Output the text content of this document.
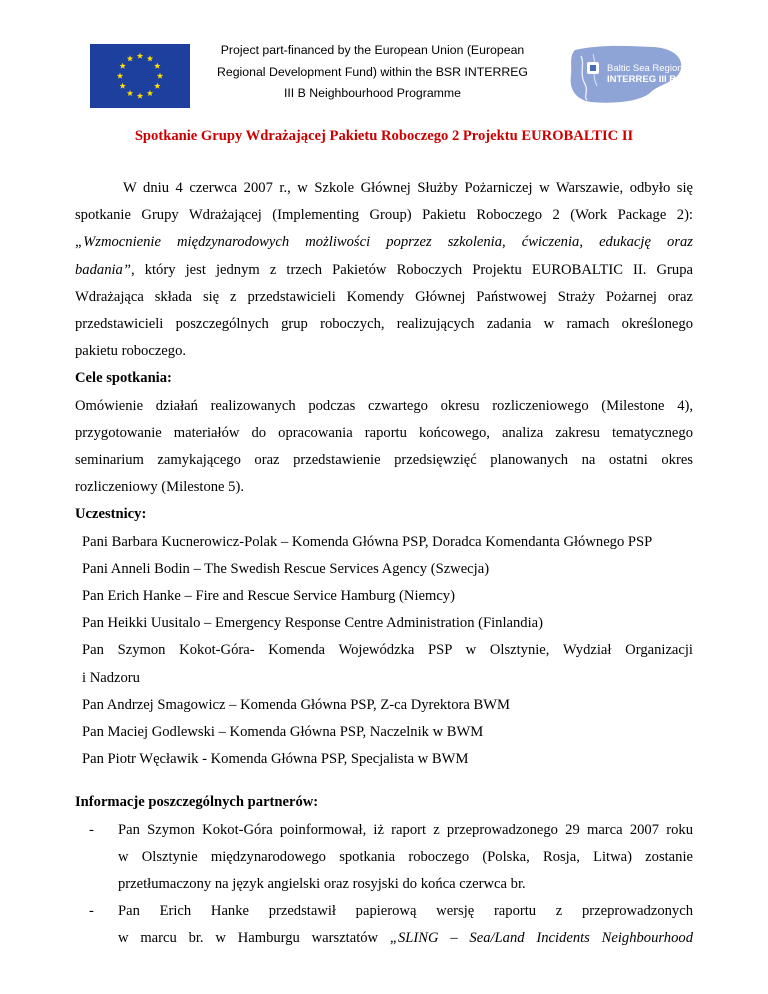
Project part-financed by the European Union (European
Regional Development Fund) within the BSR INTERREG
III B Neighbourhood Programme
Baltic Sea Region
INTERREG III B
Spotkanie Grupy Wdrażającej Pakietu Roboczego 2 Projektu EUROBALTIC II

W dniu 4 czerwca 2007 r., w Szkole Głównej Służby Pożarniczej w Warszawie, odbyło się

spotkanie Grupy Wdrażającej (Implementing Group) Pakietu Roboczego 2 (Work Package 2):

„Wzmocnienie międzynarodowych możliwości poprzez szkolenia, ćwiczenia, edukację oraz

badania”, który jest jednym z trzech Pakietów Roboczych Projektu EUROBALTIC II. Grupa

Wdrażająca składa się z przedstawicieli Komendy Głównej Państwowej Straży Pożarnej oraz

przedstawicieli poszczególnych grup roboczych, realizujących zadania w ramach określonego

pakietu roboczego.

Cele spotkania:

Omówienie działań realizowanych podczas czwartego okresu rozliczeniowego (Milestone 4),

przygotowanie materiałów do opracowania raportu końcowego, analiza zakresu tematycznego

seminarium zamykającego oraz przedstawienie przedsięwzięć planowanych na ostatni okres

rozliczeniowy (Milestone 5).

Uczestnicy:

Pani Barbara Kucnerowicz-Polak – Komenda Główna PSP, Doradca Komendanta Głównego PSP

Pani Anneli Bodin – The Swedish Rescue Services Agency (Szwecja)

Pan Erich Hanke – Fire and Rescue Service Hamburg (Niemcy)

Pan Heikki Uusitalo – Emergency Response Centre Administration (Finlandia)

Pan Szymon Kokot-Góra- Komenda Wojewódzka PSP w Olsztynie, Wydział Organizacji

i Nadzoru

Pan Andrzej Smagowicz – Komenda Główna PSP, Z-ca Dyrektora BWM

Pan Maciej Godlewski – Komenda Główna PSP, Naczelnik w BWM

Pan Piotr Węcławik - Komenda Główna PSP, Specjalista w BWM

Informacje poszczególnych partnerów:

- Pan Szymon Kokot-Góra poinformował, iż raport z przeprowadzonego 29 marca 2007 roku

w Olsztynie międzynarodowego spotkania roboczego (Polska, Rosja, Litwa) zostanie

przetłumaczony na język angielski oraz rosyjski do końca czerwca br.

- Pan Erich Hanke przedstawił papierową wersję raportu z przeprowadzonych

w marcu br. w Hamburgu warsztatów „SLING – Sea/Land Incidents Neighbourhood
